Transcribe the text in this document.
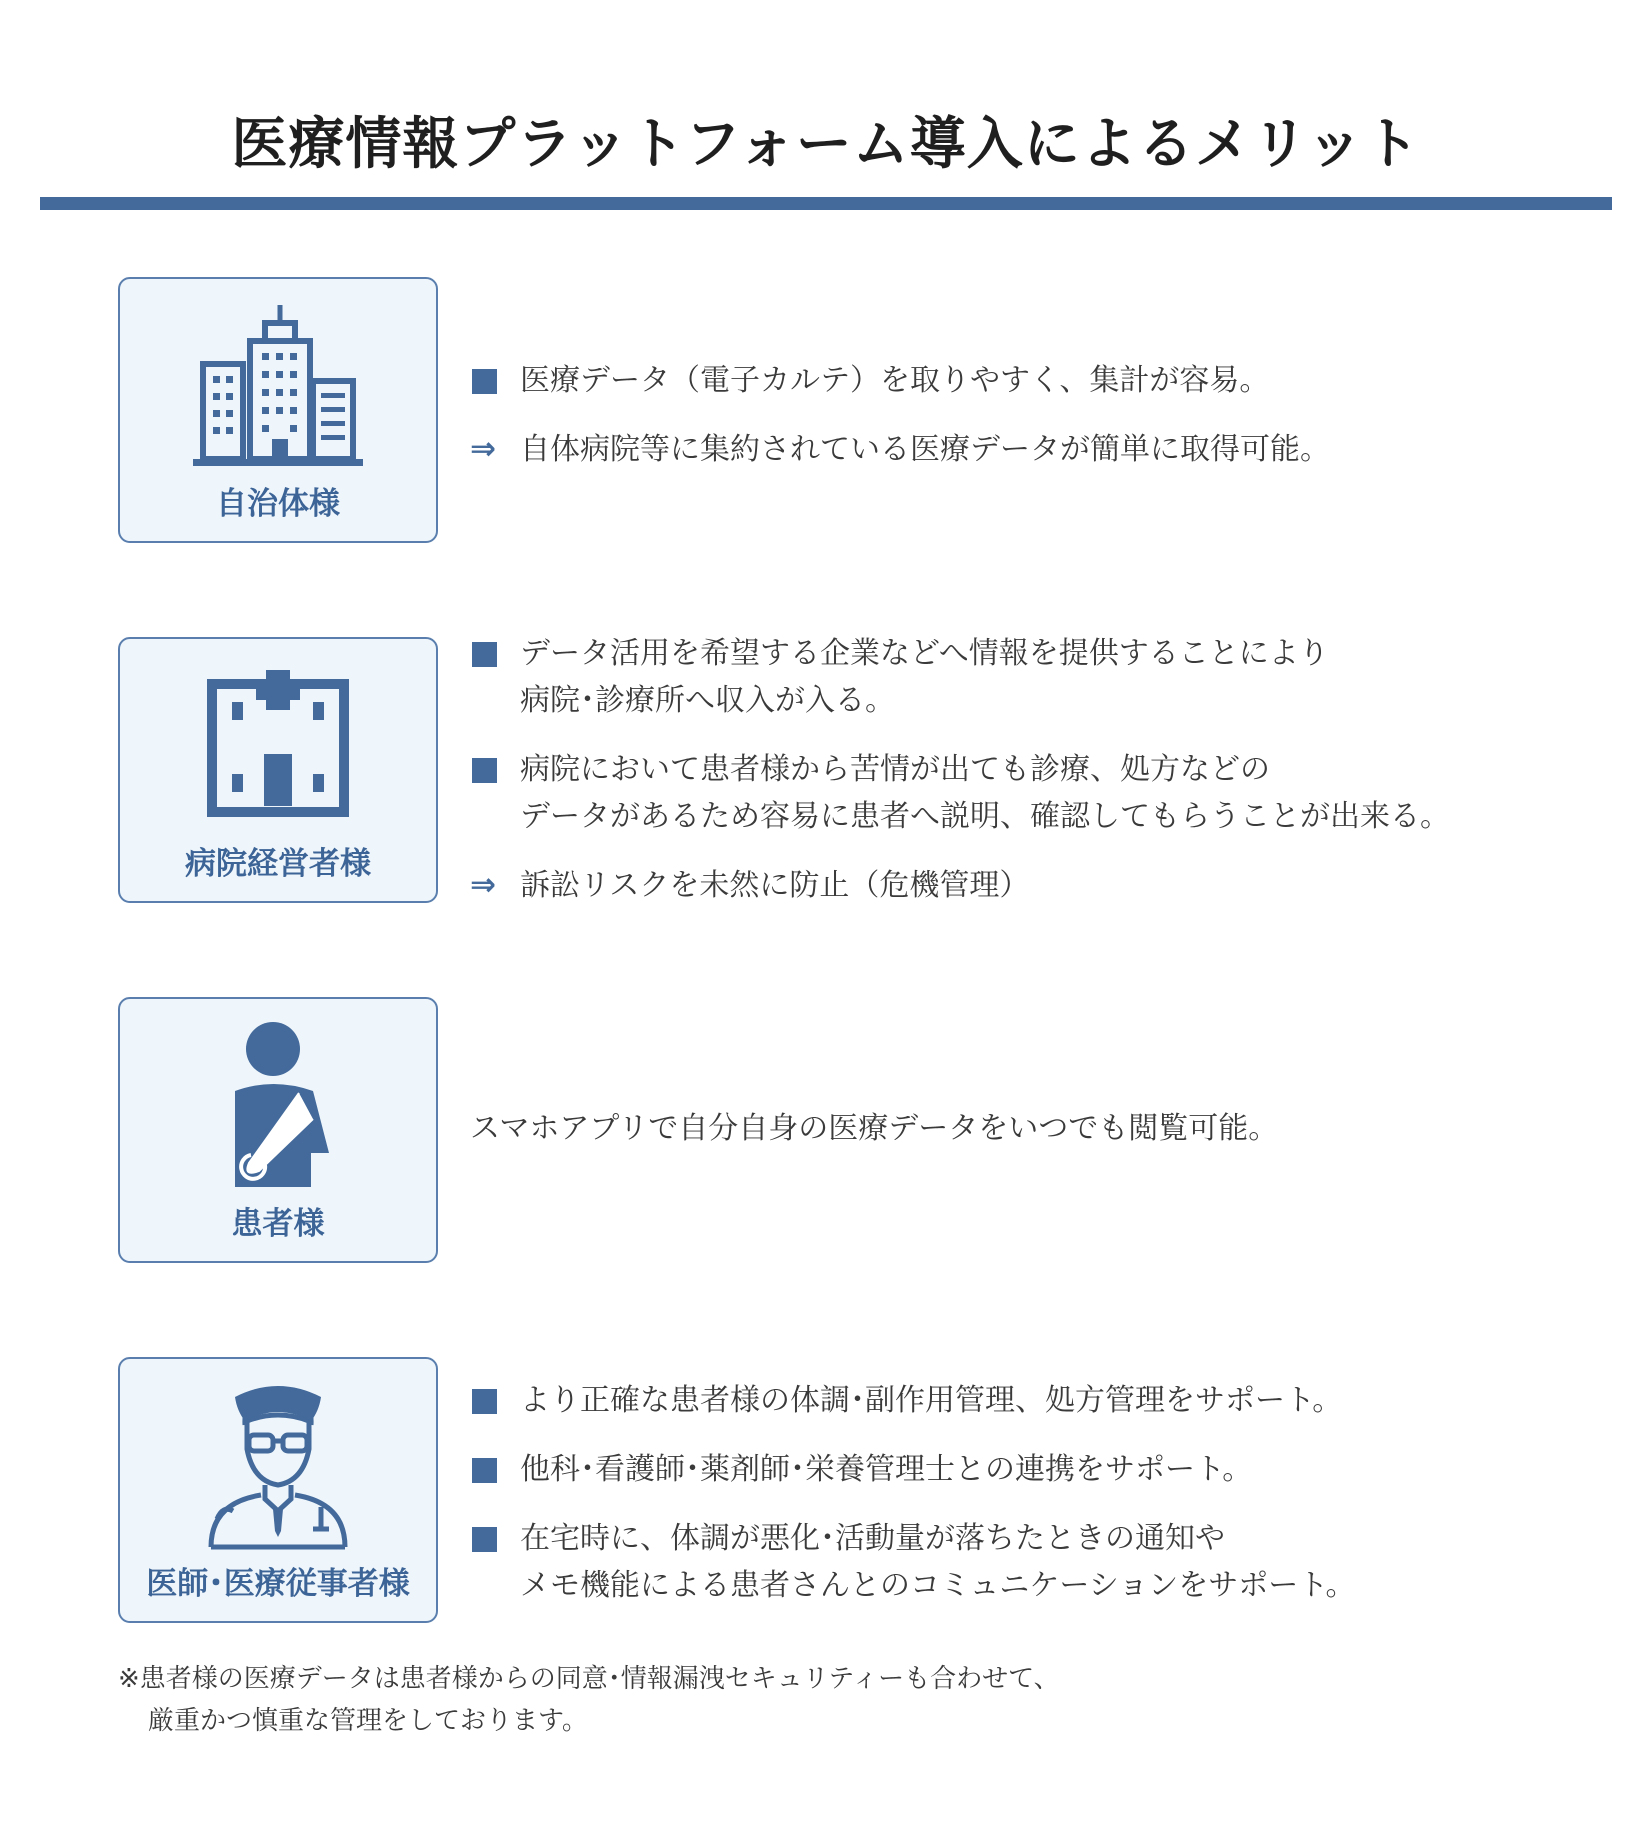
医療情報プラットフォーム導入によるメリット
自治体様
医療データ（電子カルテ）を取りやすく、集計が容易。
⇒ 自体病院等に集約されている医療データが簡単に取得可能。
病院経営者様
データ活用を希望する企業などへ情報を提供することにより
病院･診療所へ収入が入る。
病院において患者様から苦情が出ても診療、処方などの
データがあるため容易に患者へ説明、確認してもらうことが出来る。
⇒ 訴訟リスクを未然に防止（危機管理）
患者様
スマホアプリで自分自身の医療データをいつでも閲覧可能。
医師･医療従事者様
より正確な患者様の体調･副作用管理、処方管理をサポート。
他科･看護師･薬剤師･栄養管理士との連携をサポート。
在宅時に、体調が悪化･活動量が落ちたときの通知や
メモ機能による患者さんとのコミュニケーションをサポート。
※患者様の医療データは患者様からの同意･情報漏洩セキュリティーも合わせて、
厳重かつ慎重な管理をしております。
